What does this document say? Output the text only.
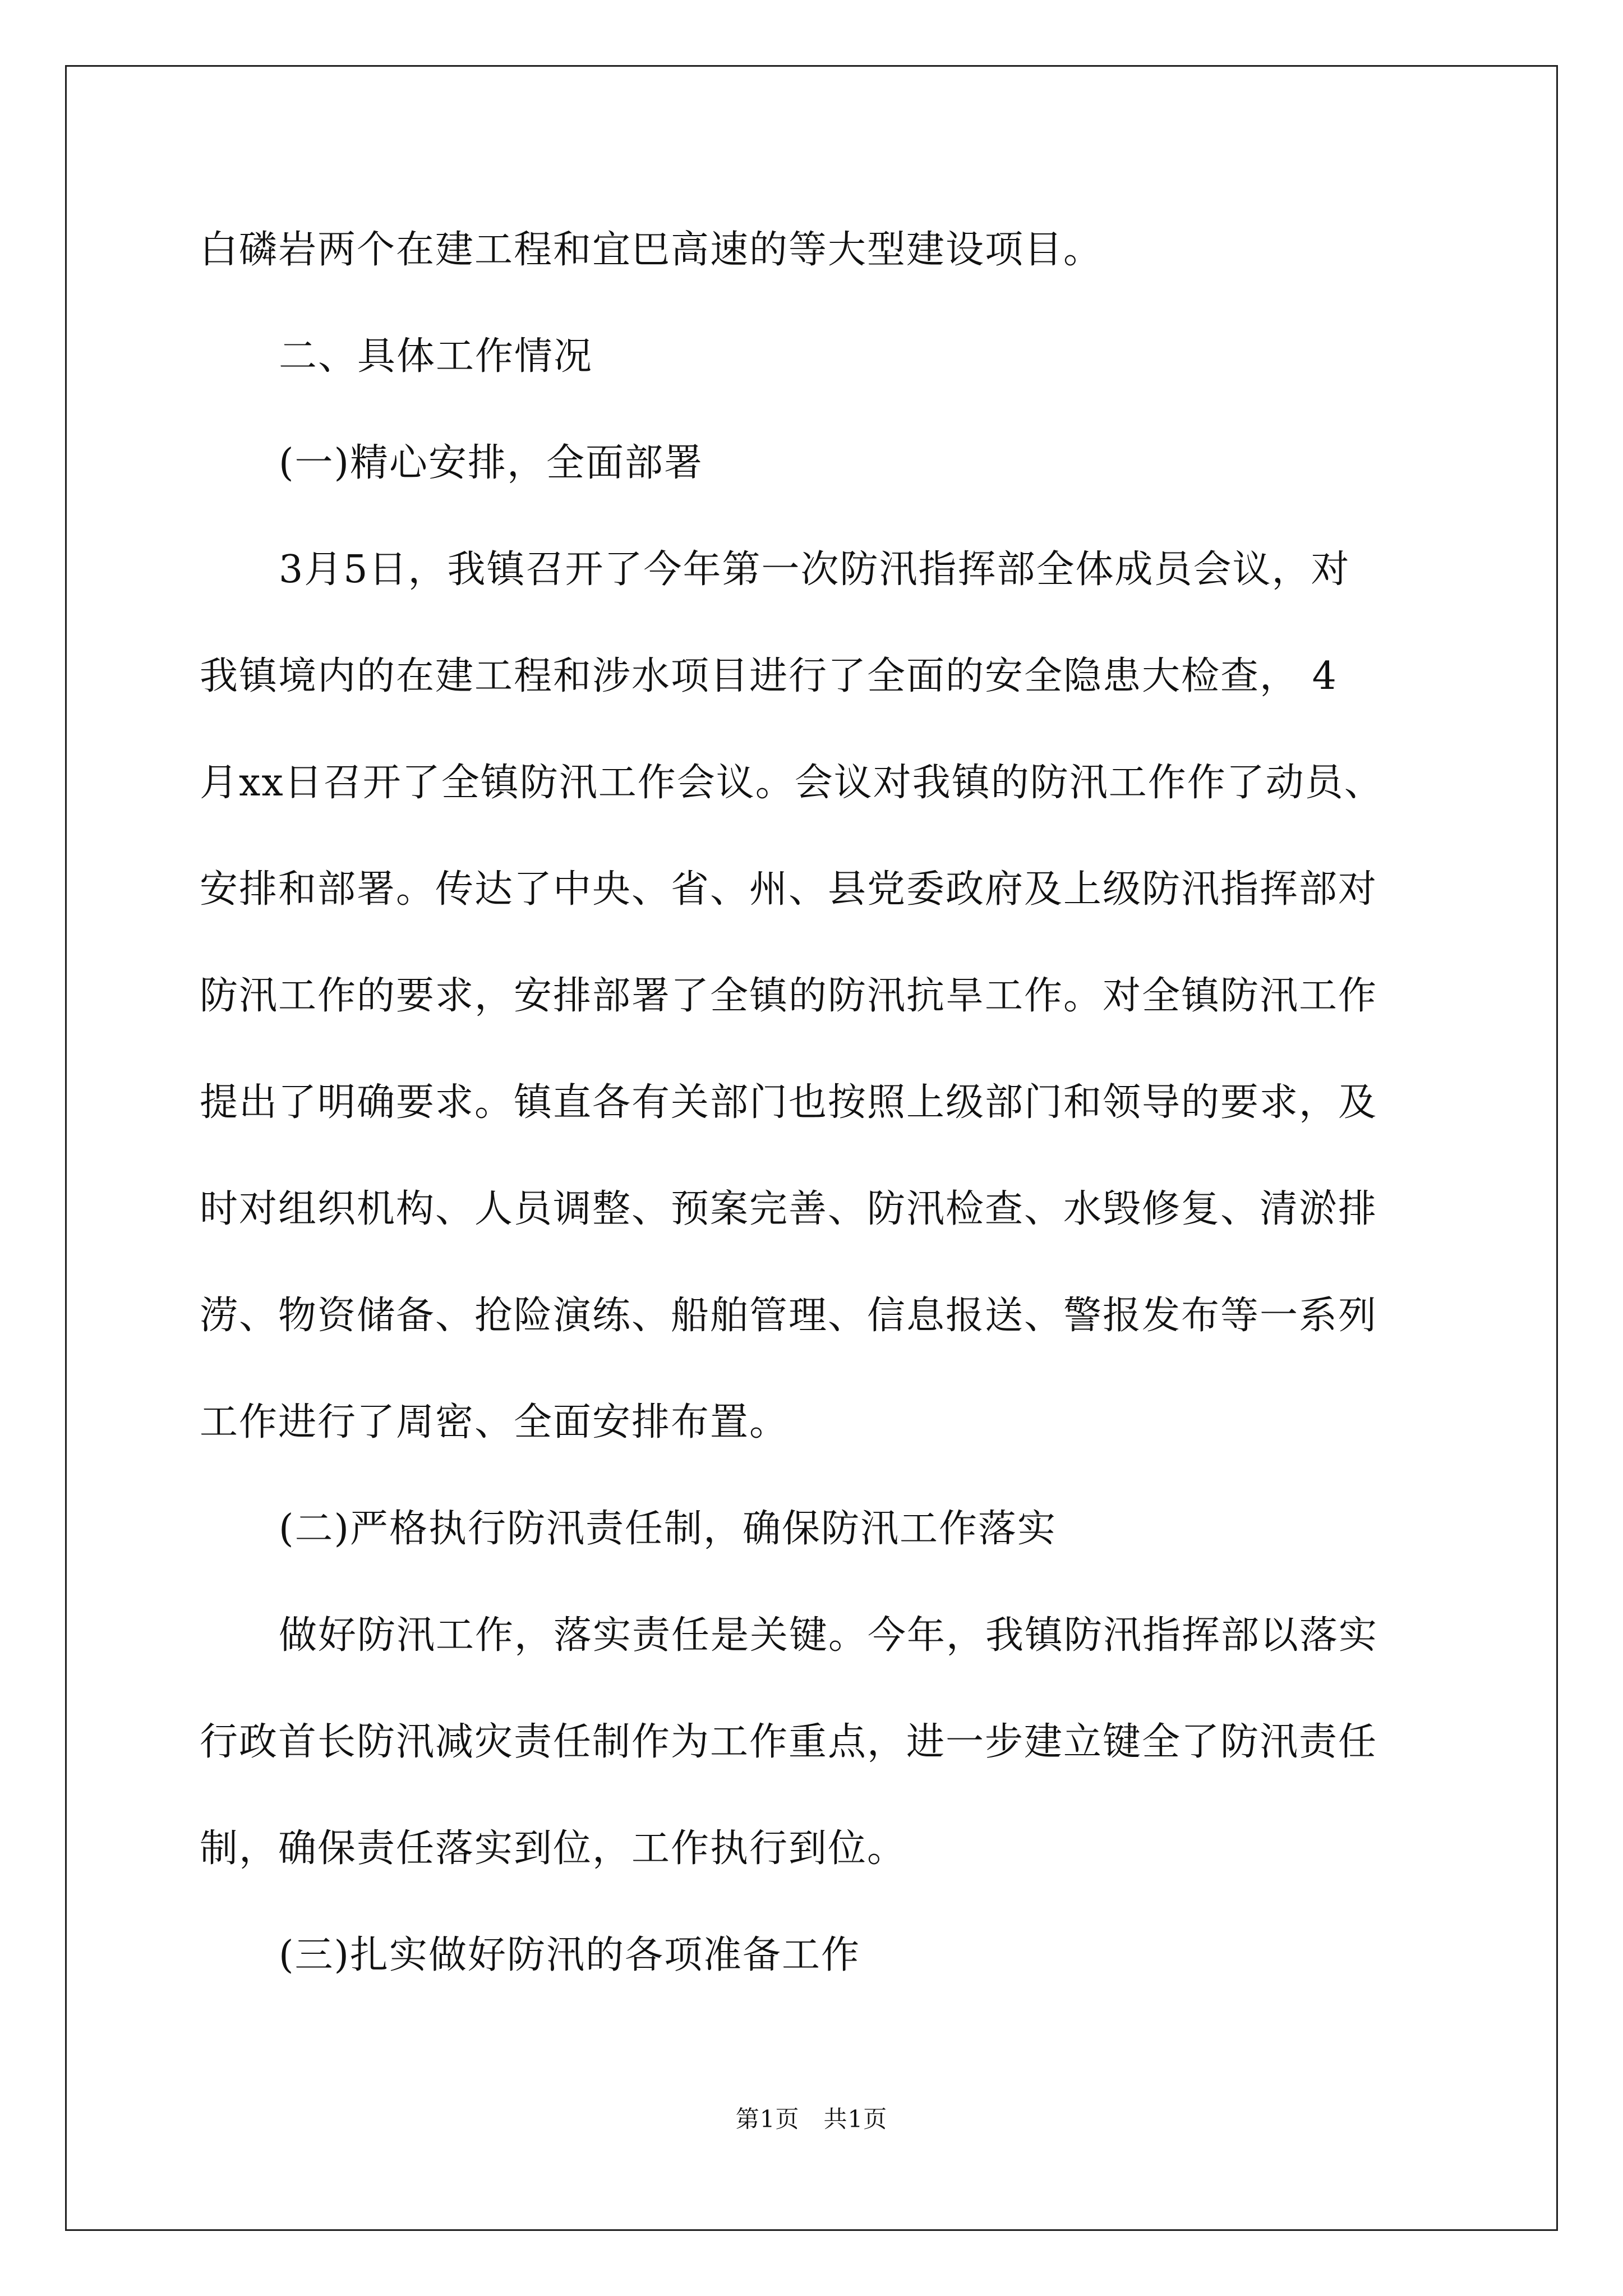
白磷岩两个在建工程和宜巴高速的等大型建设项目。
二、具体工作情况
(一)精心安排，全面部署
3月5日，我镇召开了今年第一次防汛指挥部全体成员会议，对
我镇境内的在建工程和涉水项目进行了全面的安全隐患大检查， 4
月xx日召开了全镇防汛工作会议。会议对我镇的防汛工作作了动员、
安排和部署。传达了中央、省、州、县党委政府及上级防汛指挥部对
防汛工作的要求，安排部署了全镇的防汛抗旱工作。对全镇防汛工作
提出了明确要求。镇直各有关部门也按照上级部门和领导的要求，及
时对组织机构、人员调整、预案完善、防汛检查、水毁修复、清淤排
涝、物资储备、抢险演练、船舶管理、信息报送、警报发布等一系列
工作进行了周密、全面安排布置。
(二)严格执行防汛责任制，确保防汛工作落实
做好防汛工作，落实责任是关键。今年，我镇防汛指挥部以落实
行政首长防汛减灾责任制作为工作重点，进一步建立键全了防汛责任
制，确保责任落实到位，工作执行到位。
(三)扎实做好防汛的各项准备工作
第1页　共1页
